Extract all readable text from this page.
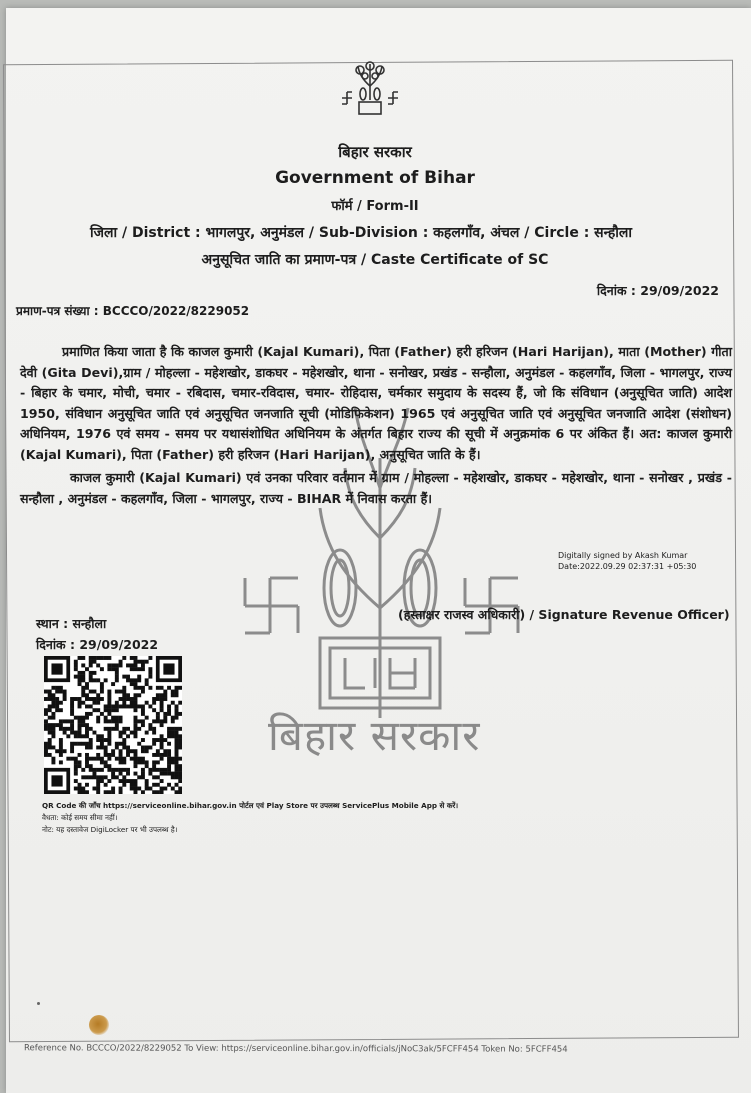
बिहार सरकार
बिहार सरकार
Government of Bihar
फॉर्म / Form-II
जिला / District : भागलपुर, अनुमंडल / Sub-Division : कहलगाँव, अंचल / Circle : सन्हौला
अनुसूचित जाति का प्रमाण-पत्र / Caste Certificate of SC
दिनांक : 29/09/2022
प्रमाण-पत्र संख्या : BCCCO/2022/8229052
प्रमाणित किया जाता है कि काजल कुमारी (Kajal Kumari), पिता (Father) हरी हरिजन (Hari Harijan), माता (Mother) गीता देवी (Gita Devi),ग्राम / मोहल्ला - महेशखोर, डाकघर - महेशखोर, थाना - सनोखर, प्रखंड - सन्हौला, अनुमंडल - कहलगाँव, जिला - भागलपुर, राज्य - बिहार के चमार, मोची, चमार - रबिदास, चमार-रविदास, चमार- रोहिदास, चर्मकार समुदाय के सदस्य हैं, जो कि संविधान (अनुसूचित जाति) आदेश 1950, संविधान अनुसूचित जाति एवं अनुसूचित जनजाति सूची (मोडिफिकेशन) 1965 एवं अनुसूचित जाति एवं अनुसूचित जनजाति आदेश (संशोधन) अधिनियम, 1976 एवं समय - समय पर यथासंशोधित अधिनियम के अंतर्गत बिहार राज्य की सूची में अनुक्रमांक 6 पर अंकित हैं। अत: काजल कुमारी (Kajal Kumari), पिता (Father) हरी हरिजन (Hari Harijan), अनुसूचित जाति के हैं।
काजल कुमारी (Kajal Kumari) एवं उनका परिवार वर्तमान में ग्राम / मोहल्ला - महेशखोर, डाकघर - महेशखोर, थाना - सनोखर , प्रखंड - सन्हौला , अनुमंडल - कहलगाँव, जिला - भागलपुर, राज्य - BIHAR में निवास करता हैं।
Digitally signed by Akash Kumar
Date:2022.09.29 02:37:31 +05:30
स्थान : सन्हौला
दिनांक : 29/09/2022
(हस्ताक्षर राजस्व अधिकारी) / Signature Revenue Officer)
QR Code की जाँच https://serviceonline.bihar.gov.in पोर्टल एवं Play Store पर उपलब्ध ServicePlus Mobile App से करें।
वैधता: कोई समय सीमा नहीं।
नोट: यह दस्तावेज DigiLocker पर भी उपलब्ध है।
Reference No. BCCCO/2022/8229052 To View: https://serviceonline.bihar.gov.in/officials/jNoC3ak/5FCFF454 Token No: 5FCFF454
